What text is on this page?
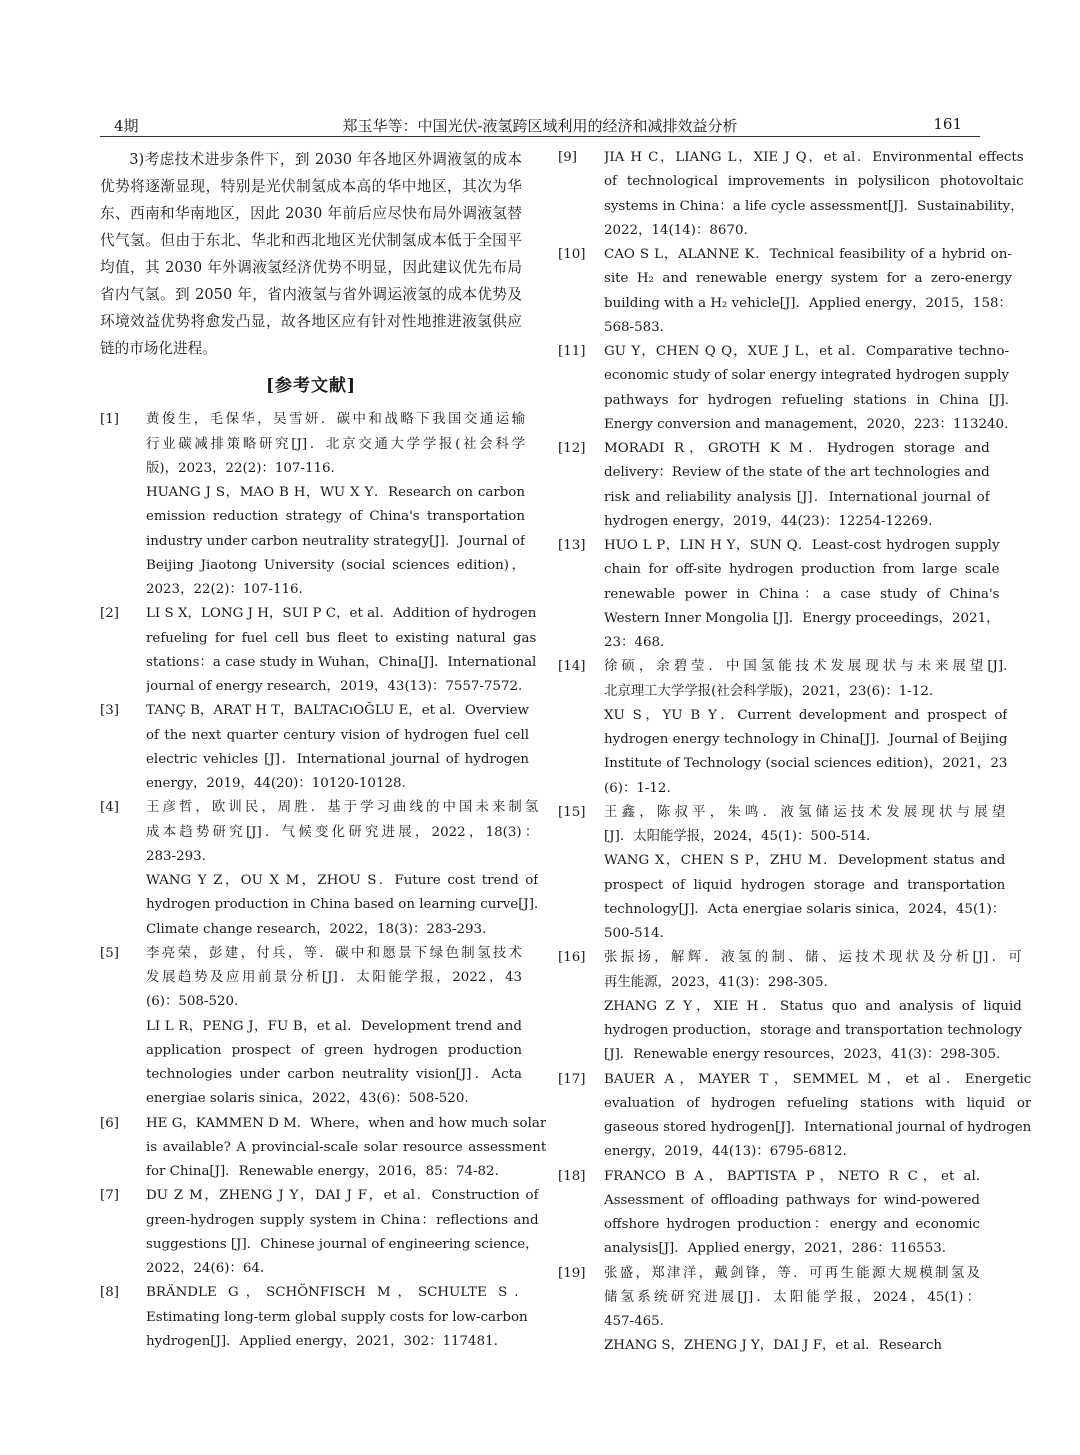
4期	郑玉华等：中国光伏-液氢跨区域利用的经济和减排效益分析	161

3)考虑技术进步条件下，到 2030 年各地区外调液氢的成本优势将逐渐显现，特别是光伏制氢成本高的华中地区，其次为华东、西南和华南地区，因此 2030 年前后应尽快布局外调液氢替代气氢。但由于东北、华北和西北地区光伏制氢成本低于全国平均值，其 2030 年外调液氢经济优势不明显，因此建议优先布局省内气氢。到 2050 年，省内液氢与省外调运液氢的成本优势及环境效益优势将愈发凸显，故各地区应有针对性地推进液氢供应链的市场化进程。

[参考文献]
[1]	黄俊生，毛保华，吴雪妍．碳中和战略下我国交通运输
行业碳减排策略研究[J]．北京交通大学学报(社会科学
版)，2023，22(2)：107-116.
HUANG J S，MAO B H，WU X Y．Research on carbon
emission reduction strategy of China's transportation
industry under carbon neutrality strategy[J]．Journal of
Beijing Jiaotong University (social sciences edition)，
2023，22(2)：107-116.
[2]	LI S X，LONG J H，SUI P C，et al．Addition of hydrogen
refueling for fuel cell bus fleet to existing natural gas
stations：a case study in Wuhan，China[J]．International
journal of energy research，2019，43(13)：7557-7572.
[3]	TANÇ B，ARAT H T，BALTACıOĞLU E，et al．Overview
of the next quarter century vision of hydrogen fuel cell
electric vehicles [J]．International journal of hydrogen
energy，2019，44(20)：10120-10128.
[4]	王彦哲，欧训民，周胜．基于学习曲线的中国未来制氢
成本趋势研究[J]．气候变化研究进展，2022，18(3)：
283-293.
WANG Y Z，OU X M，ZHOU S．Future cost trend of
hydrogen production in China based on learning curve[J].
Climate change research，2022，18(3)：283-293.
[5]	李亮荣，彭建，付兵，等．碳中和愿景下绿色制氢技术
发展趋势及应用前景分析[J]．太阳能学报，2022，43
(6)：508-520.
LI L R，PENG J，FU B，et al．Development trend and
application prospect of green hydrogen production
technologies under carbon neutrality vision[J]．Acta
energiae solaris sinica，2022，43(6)：508-520.
[6]	HE G，KAMMEN D M．Where，when and how much solar
is available? A provincial-scale solar resource assessment
for China[J]．Renewable energy，2016，85：74-82.
[7]	DU Z M，ZHENG J Y，DAI J F，et al．Construction of
green-hydrogen supply system in China：reflections and
suggestions [J]．Chinese journal of engineering science，
2022，24(6)：64.
[8]	BRÄNDLE G，SCHÖNFISCH M，SCHULTE S．
Estimating long-term global supply costs for low-carbon
hydrogen[J]．Applied energy，2021，302：117481.
[9]	JIA H C，LIANG L，XIE J Q，et al．Environmental effects
of technological improvements in polysilicon photovoltaic
systems in China：a life cycle assessment[J]．Sustainability，
2022，14(14)：8670.
[10]	CAO S L，ALANNE K．Technical feasibility of a hybrid on-
site H₂ and renewable energy system for a zero-energy
building with a H₂ vehicle[J]．Applied energy，2015，158：
568-583.
[11]	GU Y，CHEN Q Q，XUE J L，et al．Comparative techno-
economic study of solar energy integrated hydrogen supply
pathways for hydrogen refueling stations in China [J].
Energy conversion and management，2020，223：113240.
[12]	MORADI R，GROTH K M．Hydrogen storage and
delivery：Review of the state of the art technologies and
risk and reliability analysis [J]．International journal of
hydrogen energy，2019，44(23)：12254-12269.
[13]	HUO L P，LIN H Y，SUN Q．Least-cost hydrogen supply
chain for off-site hydrogen production from large scale
renewable power in China：a case study of China's
Western Inner Mongolia [J]．Energy proceedings，2021，
23：468.
[14]	徐硕，余碧莹．中国氢能技术发展现状与未来展望[J].
北京理工大学学报(社会科学版)，2021，23(6)：1-12.
XU S，YU B Y．Current development and prospect of
hydrogen energy technology in China[J]．Journal of Beijing
Institute of Technology (social sciences edition)，2021，23
(6)：1-12.
[15]	王鑫，陈叔平，朱鸣．液氢储运技术发展现状与展望
[J]．太阳能学报，2024，45(1)：500-514.
WANG X，CHEN S P，ZHU M．Development status and
prospect of liquid hydrogen storage and transportation
technology[J]．Acta energiae solaris sinica，2024，45(1)：
500-514.
[16]	张振扬，解辉．液氢的制、储、运技术现状及分析[J]．可
再生能源，2023，41(3)：298-305.
ZHANG Z Y，XIE H．Status quo and analysis of liquid
hydrogen production，storage and transportation technology
[J]．Renewable energy resources，2023，41(3)：298-305.
[17]	BAUER A，MAYER T，SEMMEL M，et al．Energetic
evaluation of hydrogen refueling stations with liquid or
gaseous stored hydrogen[J]．International journal of hydrogen
energy，2019，44(13)：6795-6812.
[18]	FRANCO B A，BAPTISTA P，NETO R C，et al.
Assessment of offloading pathways for wind-powered
offshore hydrogen production：energy and economic
analysis[J]．Applied energy，2021，286：116553.
[19]	张盛，郑津洋，戴剑锋，等．可再生能源大规模制氢及
储氢系统研究进展[J]．太阳能学报，2024，45(1)：
457-465.
ZHANG S，ZHENG J Y，DAI J F，et al．Research
